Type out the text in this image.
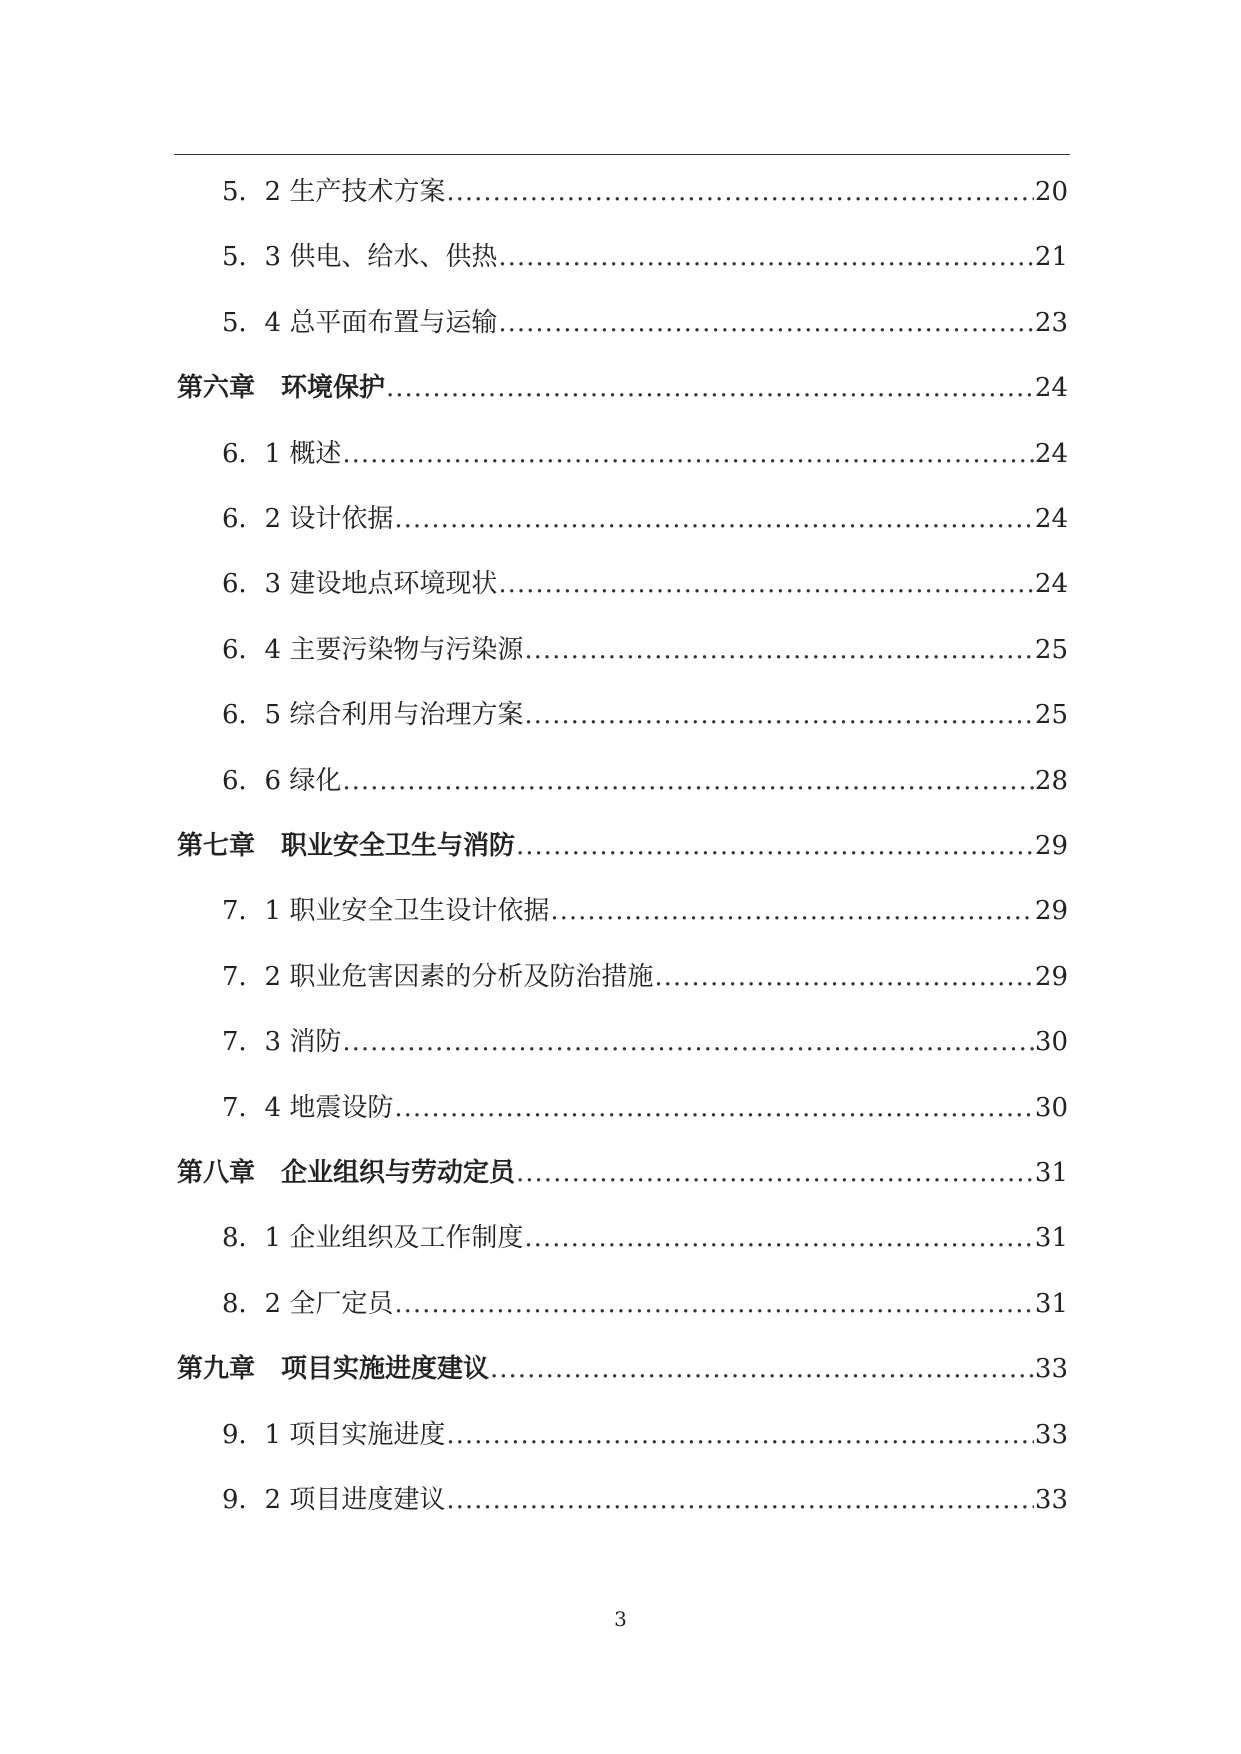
5．2 生产技术方案 .....	20
5．3 供电、给水、供热 .....	21
5．4 总平面布置与运输 .....	23
第六章　环境保护 .....	24
6．1 概述 .....	24
6．2 设计依据 .....	24
6．3 建设地点环境现状 .....	24
6．4 主要污染物与污染源 .....	25
6．5 综合利用与治理方案 .....	25
6．6 绿化 .....	28
第七章　职业安全卫生与消防 .....	29
7．1 职业安全卫生设计依据 .....	29
7．2 职业危害因素的分析及防治措施 .....	29
7．3 消防 .....	30
7．4 地震设防 .....	30
第八章　企业组织与劳动定员 .....	31
8．1 企业组织及工作制度 .....	31
8．2 全厂定员 .....	31
第九章　项目实施进度建议 .....	33
9．1 项目实施进度 .....	33
9．2 项目进度建议 .....	33
3
